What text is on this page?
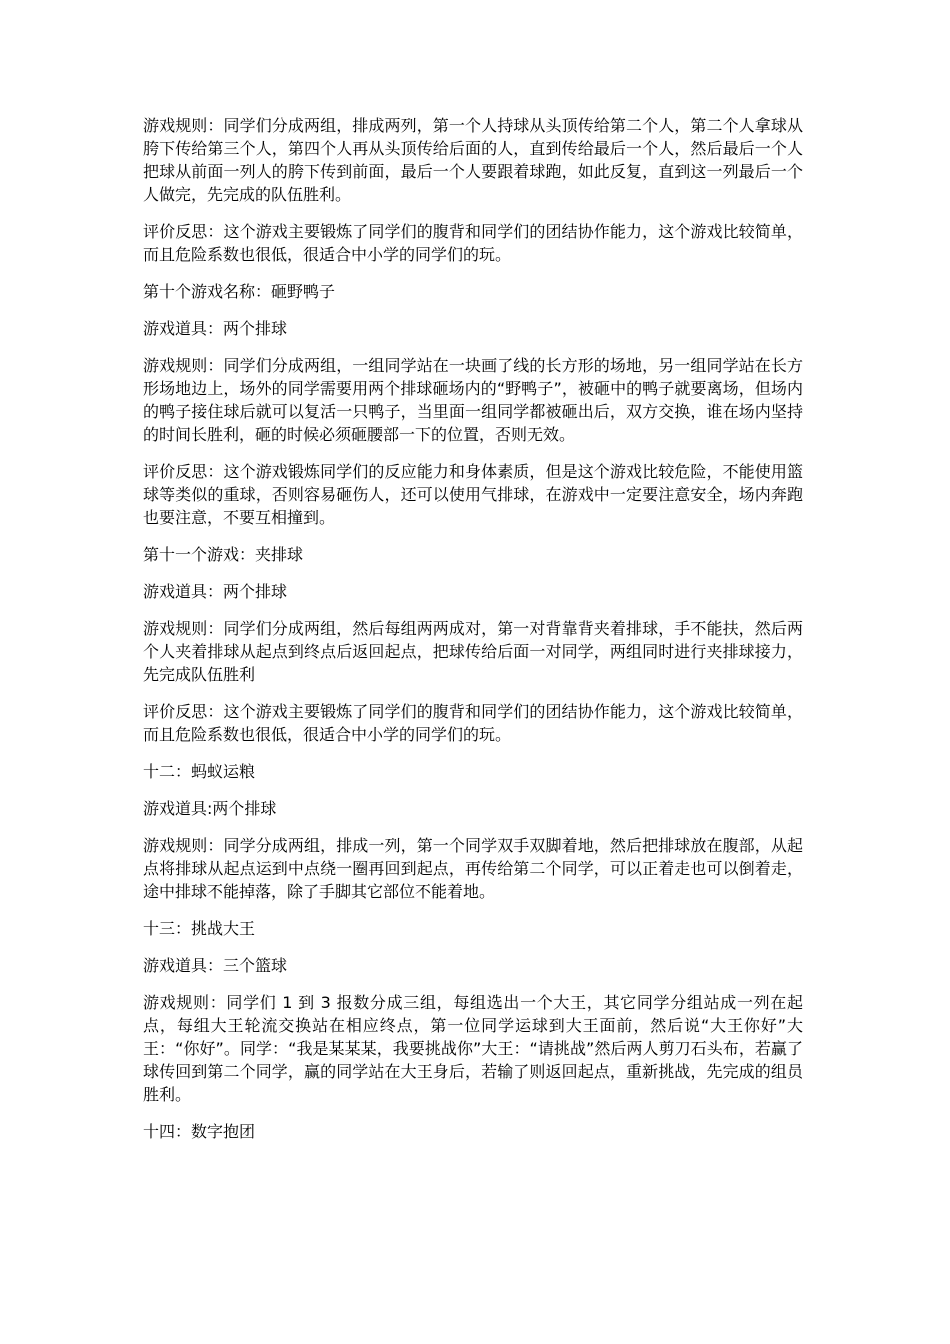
游戏规则：同学们分成两组，排成两列，第一个人持球从头顶传给第二个人，第二个人拿球从胯下传给第三个人，第四个人再从头顶传给后面的人，直到传给最后一个人，然后最后一个人把球从前面一列人的胯下传到前面，最后一个人要跟着球跑，如此反复，直到这一列最后一个人做完，先完成的队伍胜利。

评价反思：这个游戏主要锻炼了同学们的腹背和同学们的团结协作能力，这个游戏比较简单，而且危险系数也很低，很适合中小学的同学们的玩。

第十个游戏名称：砸野鸭子

游戏道具：两个排球

游戏规则：同学们分成两组，一组同学站在一块画了线的长方形的场地，另一组同学站在长方形场地边上，场外的同学需要用两个排球砸场内的“野鸭子”，被砸中的鸭子就要离场，但场内的鸭子接住球后就可以复活一只鸭子，当里面一组同学都被砸出后，双方交换，谁在场内坚持的时间长胜利，砸的时候必须砸腰部一下的位置，否则无效。

评价反思：这个游戏锻炼同学们的反应能力和身体素质，但是这个游戏比较危险，不能使用篮球等类似的重球，否则容易砸伤人，还可以使用气排球，在游戏中一定要注意安全，场内奔跑也要注意，不要互相撞到。

第十一个游戏：夹排球

游戏道具：两个排球

游戏规则：同学们分成两组，然后每组两两成对，第一对背靠背夹着排球，手不能扶，然后两个人夹着排球从起点到终点后返回起点，把球传给后面一对同学，两组同时进行夹排球接力，先完成队伍胜利

评价反思：这个游戏主要锻炼了同学们的腹背和同学们的团结协作能力，这个游戏比较简单，而且危险系数也很低，很适合中小学的同学们的玩。

十二：蚂蚁运粮

游戏道具:两个排球

游戏规则：同学分成两组，排成一列，第一个同学双手双脚着地，然后把排球放在腹部，从起点将排球从起点运到中点绕一圈再回到起点，再传给第二个同学，可以正着走也可以倒着走，途中排球不能掉落，除了手脚其它部位不能着地。

十三：挑战大王

游戏道具：三个篮球

游戏规则：同学们 1 到 3 报数分成三组，每组选出一个大王，其它同学分组站成一列在起点，每组大王轮流交换站在相应终点，第一位同学运球到大王面前，然后说“大王你好”大王：“你好”。同学：“我是某某某，我要挑战你”大王：“请挑战”然后两人剪刀石头布，若赢了球传回到第二个同学，赢的同学站在大王身后，若输了则返回起点，重新挑战，先完成的组员胜利。

十四：数字抱团
